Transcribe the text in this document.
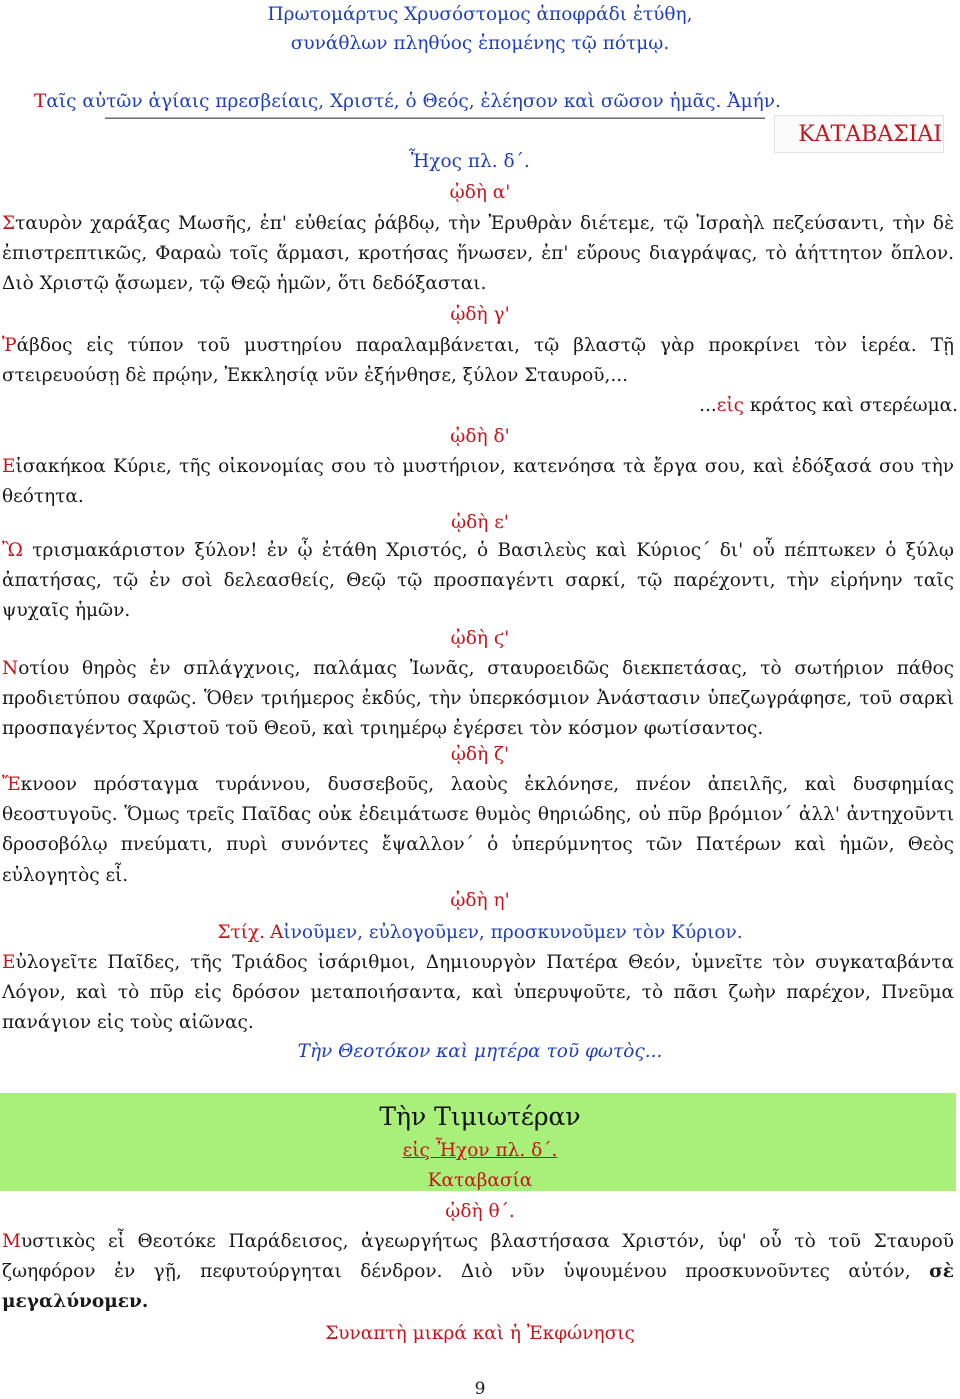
Πρωτομάρτυς Χρυσόστομος ἀποφράδι ἐτύθη,
συνάθλων πληθύος ἑπομένης τῷ πότμῳ.
Ταῖς αὐτῶν ἁγίαις πρεσβείαις, Χριστέ, ὁ Θεός, ἐλέησον καὶ σῶσον ἡμᾶς. Ἀμήν.
ΚΑΤΑΒΑΣΙΑΙ
Ἦχος πλ. δ΄.
ᾠδὴ α'
Σταυρὸν χαράξας Μωσῆς, ἐπ' εὐθείας ῥάβδῳ, τὴν Ἐρυθρὰν διέτεμε, τῷ Ἰσραὴλ πεζεύσαντι, τὴν δὲ ἐπιστρεπτικῶς, Φαραὼ τοῖς ἅρμασι, κροτήσας ἥνωσεν, ἐπ' εὔρους διαγράψας, τὸ ἀήττητον ὅπλον. Διὸ Χριστῷ ᾄσωμεν, τῷ Θεῷ ἡμῶν, ὅτι δεδόξασται.
ᾠδὴ γ'
Ῥάβδος εἰς τύπον τοῦ μυστηρίου παραλαμβάνεται, τῷ βλαστῷ γὰρ προκρίνει τὸν ἱερέα. Τῇ στειρευούσῃ δὲ πρῴην, Ἐκκλησίᾳ νῦν ἐξήνθησε, ξύλον Σταυροῦ,...
...εἰς κράτος καὶ στερέωμα.
ᾠδὴ δ'
Εἰσακήκοα Κύριε, τῆς οἰκονομίας σου τὸ μυστήριον, κατενόησα τὰ ἔργα σου, καὶ ἐδόξασά σου τὴν θεότητα.
ᾠδὴ ε'
Ὢ τρισμακάριστον ξύλον! ἐν ᾧ ἐτάθη Χριστός, ὁ Βασιλεὺς καὶ Κύριος΄ δι' οὗ πέπτωκεν ὁ ξύλῳ ἀπατήσας, τῷ ἐν σοὶ δελεασθείς, Θεῷ τῷ προσπαγέντι σαρκί, τῷ παρέχοντι, τὴν εἰρήνην ταῖς ψυχαῖς ἡμῶν.
ᾠδὴ ϛ'
Νοτίου θηρὸς ἐν σπλάγχνοις, παλάμας Ἰωνᾶς, σταυροειδῶς διεκπετάσας, τὸ σωτήριον πάθος προδιετύπου σαφῶς. Ὅθεν τριήμερος ἐκδύς, τὴν ὑπερκόσμιον Ἀνάστασιν ὑπεζωγράφησε, τοῦ σαρκὶ προσπαγέντος Χριστοῦ τοῦ Θεοῦ, καὶ τριημέρῳ ἐγέρσει τὸν κόσμον φωτίσαντος.
ᾠδὴ ζ'
Ἔκνοον πρόσταγμα τυράννου, δυσσεβοῦς, λαοὺς ἐκλόνησε, πνέον ἀπειλῆς, καὶ δυσφημίας θεοστυγοῦς. Ὅμως τρεῖς Παῖδας οὐκ ἐδειμάτωσε θυμὸς θηριώδης, οὐ πῦρ βρόμιον΄ ἀλλ' ἀντηχοῦντι δροσοβόλῳ πνεύματι, πυρὶ συνόντες ἔψαλλον΄ ὁ ὑπερύμνητος τῶν Πατέρων καὶ ἡμῶν, Θεὸς εὐλογητὸς εἶ.
ᾠδὴ η'
Στίχ. Αἰνοῦμεν, εὐλογοῦμεν, προσκυνοῦμεν τὸν Κύριον.
Εὐλογεῖτε Παῖδες, τῆς Τριάδος ἰσάριθμοι, Δημιουργὸν Πατέρα Θεόν, ὑμνεῖτε τὸν συγκαταβάντα Λόγον, καὶ τὸ πῦρ εἰς δρόσον μεταποιήσαντα, καὶ ὑπερυψοῦτε, τὸ πᾶσι ζωὴν παρέχον, Πνεῦμα πανάγιον εἰς τοὺς αἰῶνας.
Τὴν Θεοτόκον καὶ μητέρα τοῦ φωτὸς...
Τὴν Τιμιωτέραν
εἰς Ἦχον πλ. δ΄.
Καταβασία
ᾠδὴ θ΄.
Μυστικὸς εἶ Θεοτόκε Παράδεισος, ἀγεωργήτως βλαστήσασα Χριστόν, ὑφ' οὗ τὸ τοῦ Σταυροῦ ζωηφόρον ἐν γῇ, πεφυτούργηται δένδρον. Διὸ νῦν ὑψουμένου προσκυνοῦντες αὐτόν, σὲ μεγαλύνομεν.
Συναπτὴ μικρά καὶ ἡ Ἐκφώνησις
9
